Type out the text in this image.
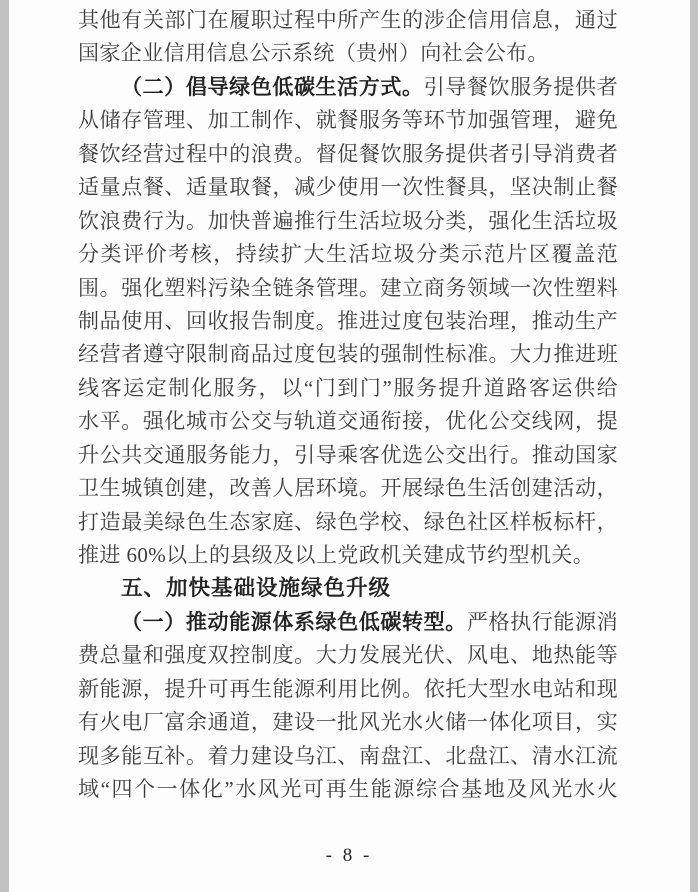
其他有关部门在履职过程中所产生的涉企信用信息，通过
国家企业信用信息公示系统（贵州）向社会公布。
（二）倡导绿色低碳生活方式。引导餐饮服务提供者
从储存管理、加工制作、就餐服务等环节加强管理，避免
餐饮经营过程中的浪费。督促餐饮服务提供者引导消费者
适量点餐、适量取餐，减少使用一次性餐具，坚决制止餐
饮浪费行为。加快普遍推行生活垃圾分类，强化生活垃圾
分类评价考核，持续扩大生活垃圾分类示范片区覆盖范
围。强化塑料污染全链条管理。建立商务领域一次性塑料
制品使用、回收报告制度。推进过度包装治理，推动生产
经营者遵守限制商品过度包装的强制性标准。大力推进班
线客运定制化服务，以“门到门”服务提升道路客运供给
水平。强化城市公交与轨道交通衔接，优化公交线网，提
升公共交通服务能力，引导乘客优选公交出行。推动国家
卫生城镇创建，改善人居环境。开展绿色生活创建活动，
打造最美绿色生态家庭、绿色学校、绿色社区样板标杆，
推进 60%以上的县级及以上党政机关建成节约型机关。
五、加快基础设施绿色升级
（一）推动能源体系绿色低碳转型。严格执行能源消
费总量和强度双控制度。大力发展光伏、风电、地热能等
新能源，提升可再生能源利用比例。依托大型水电站和现
有火电厂富余通道，建设一批风光水火储一体化项目，实
现多能互补。着力建设乌江、南盘江、北盘江、清水江流
域“四个一体化”水风光可再生能源综合基地及风光水火
- 8 -
